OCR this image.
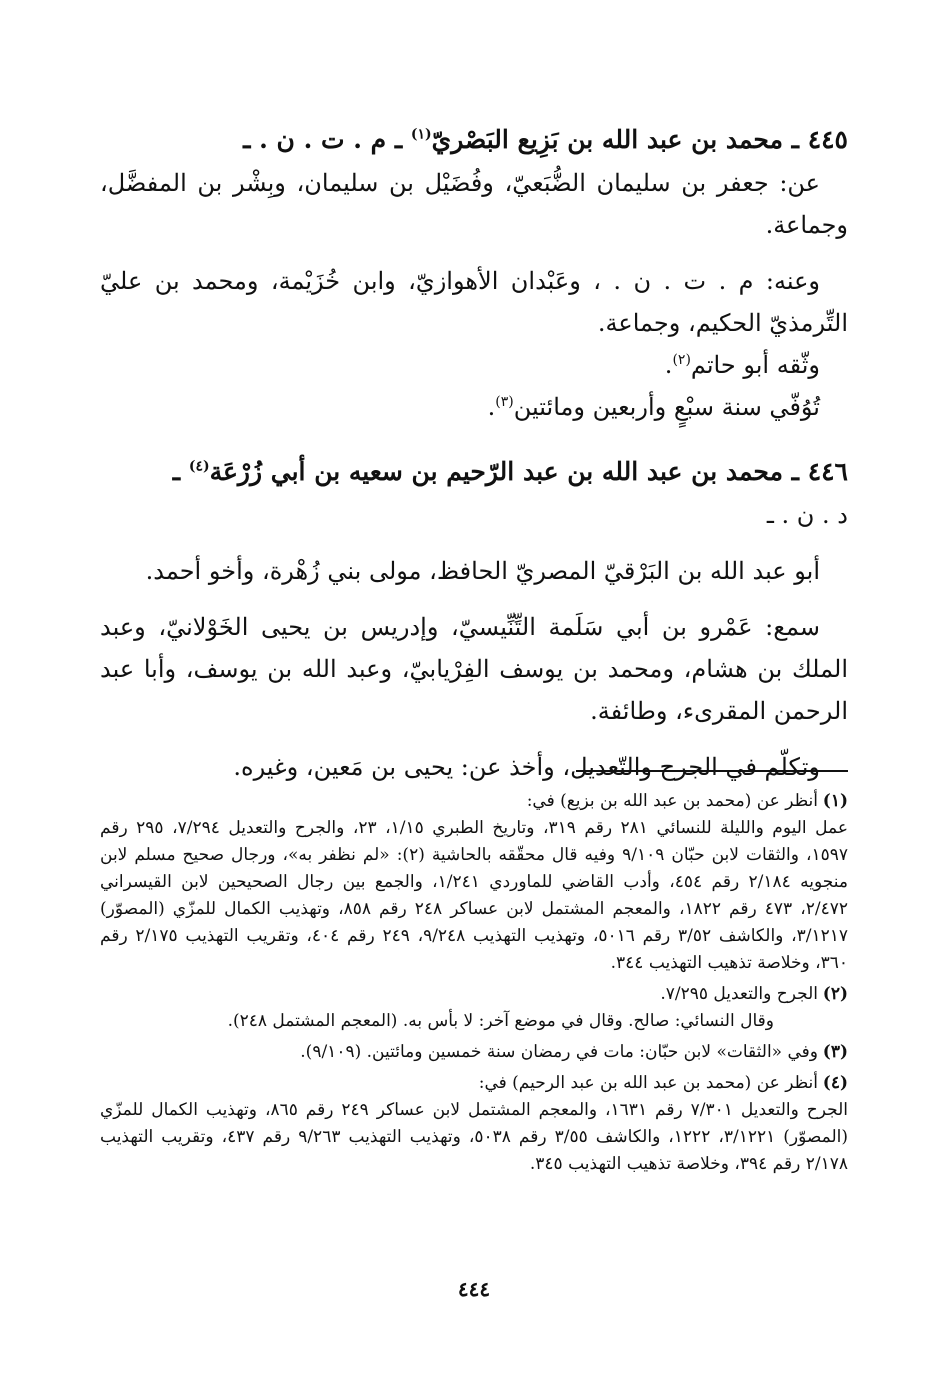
٤٤٥ ـ محمد بن عبد الله بن بَزِيع البَصْريّ$^{(١)}$ ـ م . ت . ن . ـ

عن: جعفر بن سليمان الضُّبَعيّ، وفُضَيْل بن سليمان، وبِشْر بن المفضَّل، وجماعة.

وعنه: م . ت . ن . ، وعَبْدان الأهوازيّ، وابن خُزَيْمة، ومحمد بن عليّ التِّرمذيّ الحكيم، وجماعة.

وثّقه أبو حاتم$^{(٢)}$.

تُوُفّي سنة سبْعٍ وأربعين ومائتين$^{(٣)}$.

٤٤٦ ـ محمد بن عبد الله بن عبد الرّحيم بن سعيه بن أبي زُرْعَة$^{(٤)}$ ـ

د . ن . ـ

أبو عبد الله بن البَرْقيّ المصريّ الحافظ، مولى بني زُهْرة، وأخو أحمد.

سمع: عَمْرو بن أبي سَلَمة التِّنِّيسيّ، وإدريس بن يحيى الخَوْلانيّ، وعبد الملك بن هشام، ومحمد بن يوسف الفِرْيابيّ، وعبد الله بن يوسف، وأبا عبد الرحمن المقرىء، وطائفة.

وتكلّم في الجرح والتّعديل، وأخذ عن: يحيى بن مَعين، وغيره.

(١)أنظر عن (محمد بن عبد الله بن بزيع) في:

عمل اليوم والليلة للنسائي ٢٨١ رقم ٣١٩، وتاريخ الطبري ١/١٥، ٢٣، والجرح والتعديل ٧/٢٩٤، ٢٩٥ رقم ١٥٩٧، والثقات لابن حبّان ٩/١٠٩ وفيه قال محقّقه بالحاشية (٢): «لم نظفر به»، ورجال صحيح مسلم لابن منجويه ٢/١٨٤ رقم ٤٥٤، وأدب القاضي للماوردي ١/٢٤١، والجمع بين رجال الصحيحين لابن القيسراني ٢/٤٧٢، ٤٧٣ رقم ١٨٢٢، والمعجم المشتمل لابن عساكر ٢٤٨ رقم ٨٥٨، وتهذيب الكمال للمزّي (المصوّر) ٣/١٢١٧، والكاشف ٣/٥٢ رقم ٥٠١٦، وتهذيب التهذيب ٩/٢٤٨، ٢٤٩ رقم ٤٠٤، وتقريب التهذيب ٢/١٧٥ رقم ٣٦٠، وخلاصة تذهيب التهذيب ٣٤٤.

(٢)الجرح والتعديل ٧/٢٩٥.

وقال النسائي: صالح. وقال في موضع آخر: لا بأس به. (المعجم المشتمل ٢٤٨).

(٣)وفي «الثقات» لابن حبّان: مات في رمضان سنة خمسين ومائتين. (٩/١٠٩).

(٤)أنظر عن (محمد بن عبد الله بن عبد الرحيم) في:

الجرح والتعديل ٧/٣٠١ رقم ١٦٣١، والمعجم المشتمل لابن عساكر ٢٤٩ رقم ٨٦٥، وتهذيب الكمال للمزّي (المصوّر) ٣/١٢٢١، ١٢٢٢، والكاشف ٣/٥٥ رقم ٥٠٣٨، وتهذيب التهذيب ٩/٢٦٣ رقم ٤٣٧، وتقريب التهذيب ٢/١٧٨ رقم ٣٩٤، وخلاصة تذهيب التهذيب ٣٤٥.

٤٤٤
